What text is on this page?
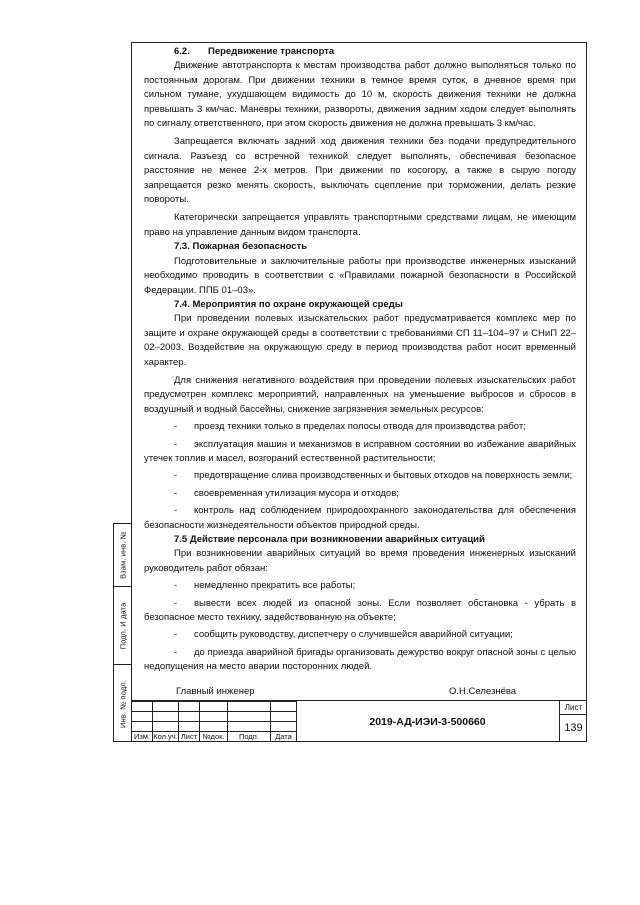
Взам. инв. №
Подп. И дата
Инв. № подл.

6.2. Передвижение транспорта

Движение автотранспорта к местам производства работ должно выполняться только по постоянным дорогам. При движении техники в темное время суток, в дневное время при сильном тумане, ухудшающем видимость до 10 м, скорость движения техники не должна превышать 3 км/час. Маневры техники, развороты, движения задним ходом следует выполнять по сигналу ответственного, при этом скорость движения не должна превышать 3 км/час.

Запрещается включать задний ход движения техники без подачи предупредительного сигнала. Разъезд со встречной техникой следует выполнять, обеспечивая безопасное расстояние не менее 2-х метров. При движении по косогору, а также в сырую погоду запрещается резко менять скорость, выключать сцепление при торможении, делать резкие повороты.

Категорически запрещается управлять транспортными средствами лицам, не имеющим право на управление данным видом транспорта.

7.3. Пожарная безопасность

Подготовительные и заключительные работы при производстве инженерных изысканий необходимо проводить в соответствии с «Правилами пожарной безопасности в Российской Федерации. ППБ 01–03».

7.4. Мероприятия по охране окружающей среды

При проведении полевых изыскательских работ предусматривается комплекс мер по защите и охране окружающей среды в соответствии с требованиями СП 11–104–97 и СНиП 22–02–2003. Воздействие на окружающую среду в период производства работ носит временный характер.

Для снижения негативного воздействия при проведении полевых изыскательских работ предусмотрен комплекс мероприятий, направленных на уменьшение выбросов и сбросов в воздушный и водный бассейны, снижение загрязнения земельных ресурсов:

- проезд техники только в пределах полосы отвода для производства работ;

- эксплуатация машин и механизмов в исправном состоянии во избежание аварийных утечек топлив и масел, возгораний естественной растительности;

- предотвращение слива производственных и бытовых отходов на поверхность земли;

- своевременная утилизация мусора и отходов;

- контроль над соблюдением природоохранного законодательства для обеспечения безопасности жизнедеятельности объектов природной среды.

7.5 Действие персонала при возникновении аварийных ситуаций

При возникновении аварийных ситуаций во время проведения инженерных изысканий руководитель работ обязан:

- немедленно прекратить все работы;

- вывести всех людей из опасной зоны. Если позволяет обстановка - убрать в безопасное место технику, задействованную на объекте;

- сообщить руководству, диспетчеру о случившейся аварийной ситуации;

- до приезда аварийной бригады организовать дежурство вокруг опасной зоны с целью недопущения на место аварии посторонних людей.

Главный инженер	О.Н.Селезнёва

Изм.	Кол.уч.	Лист	№док.	Подп.	Дата
2019-АД-ИЭИ-3-500660
Лист
139
